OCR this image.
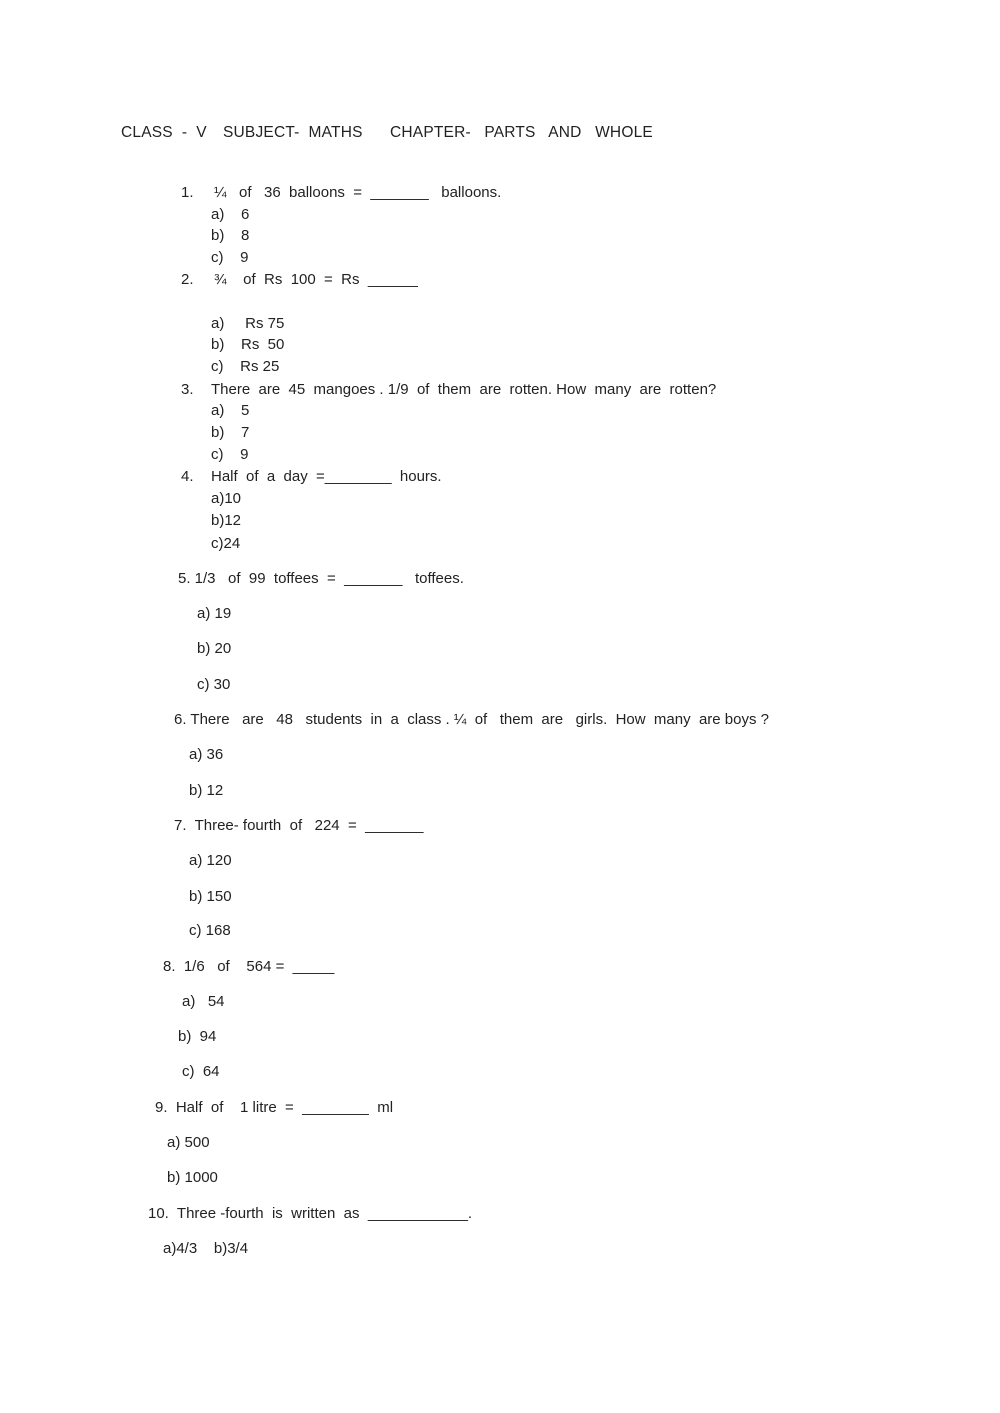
CLASS  -  V SUBJECT-  MATHS CHAPTER-   PARTS   AND   WHOLE
1. ¼   of   36  balloons  =  _______   balloons.
a)    6
b)    8
c)    9
2. ¾    of  Rs  100  =  Rs  ______
a)     Rs 75
b)    Rs  50
c)    Rs 25
3. There  are  45  mangoes . 1/9  of  them  are  rotten. How  many  are  rotten?
a)    5
b)    7
c)    9
4. Half  of  a  day  =________  hours.
a)10
b)12
c)24
5. 1/3   of  99  toffees  =  _______   toffees.
a) 19
b) 20
c) 30
6. There   are   48   students  in  a  class . ¼  of   them  are   girls.  How  many  are boys ?
a) 36
b) 12
7.  Three- fourth  of   224  =  _______
a) 120
b) 150
c) 168
8.  1/6   of    564 =  _____
a)   54
b)  94
c)  64
9.  Half  of    1 litre  =  ________  ml
a) 500
b) 1000
10.  Three -fourth  is  written  as  ____________.
a)4/3    b)3/4
